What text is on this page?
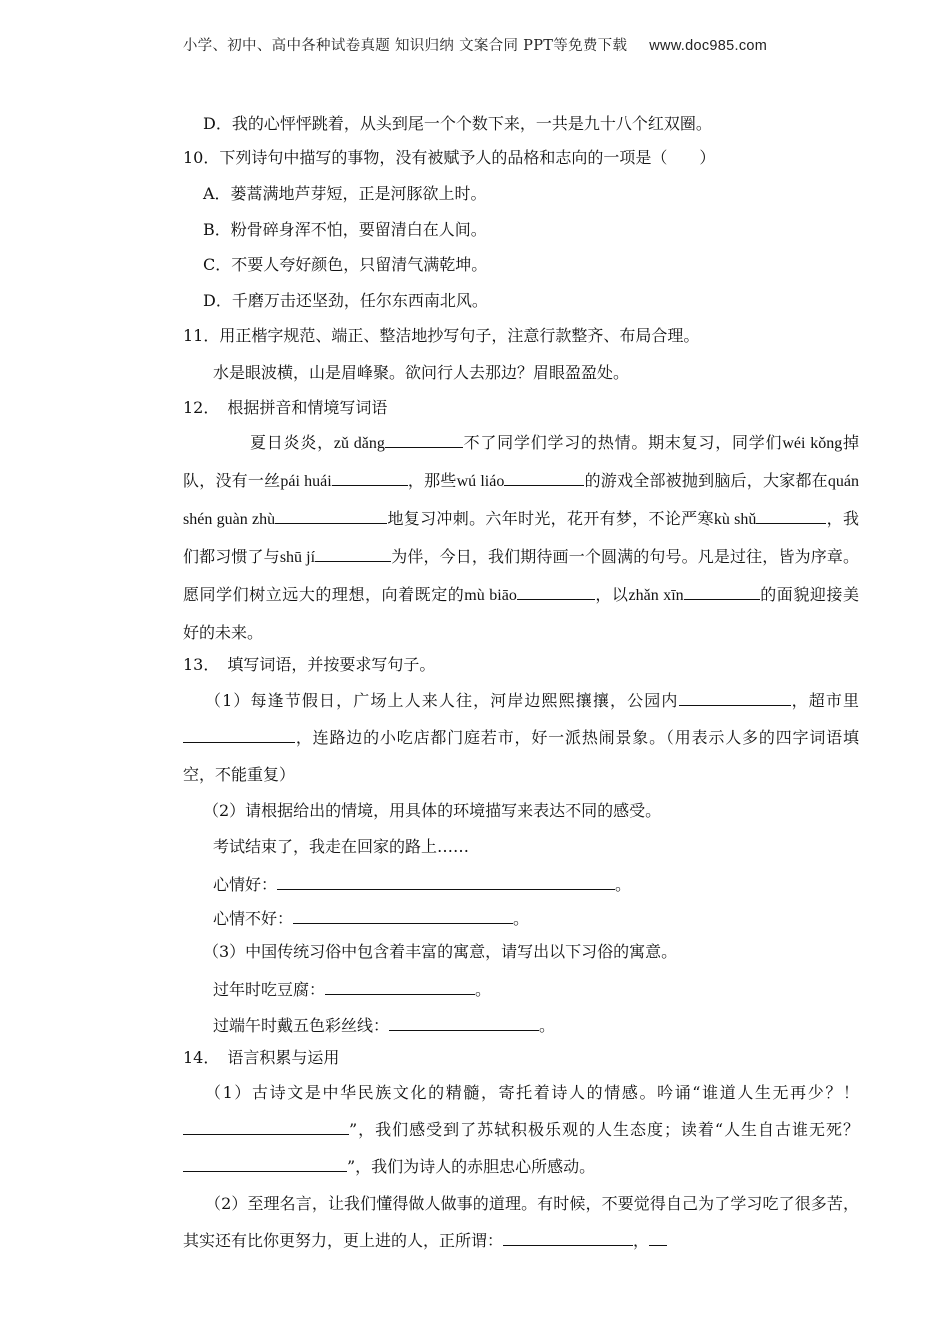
小学、初中、高中各种试卷真题 知识归纳 文案合同 PPT等免费下载 www.doc985.com
D．我的心怦怦跳着，从头到尾一个个数下来，一共是九十八个红双圈。
10．下列诗句中描写的事物，没有被赋予人的品格和志向的一项是（　　）
A．蒌蒿满地芦芽短，正是河豚欲上时。
B．粉骨碎身浑不怕，要留清白在人间。
C．不要人夸好颜色，只留清气满乾坤。
D．千磨万击还坚劲，任尔东西南北风。
11．用正楷字规范、端正、整洁地抄写句子，注意行款整齐、布局合理。
水是眼波横，山是眉峰聚。欲问行人去那边？眉眼盈盈处。
12．　根据拼音和情境写词语
夏日炎炎，zǔ dǎng	不了同学们学习的热情。期末复习，同学们wéi kǒng掉队，没有一丝pái huái	，那些wú liáo	的游戏全部被抛到脑后，大家都在quán shén guàn zhù	地复习冲刺。六年时光，花开有梦，不论严寒kù shǔ	，我们都习惯了与shū jí	为伴，今日，我们期待画一个圆满的句号。凡是过往，皆为序章。愿同学们树立远大的理想，向着既定的mù biāo	，以zhǎn xīn	的面貌迎接美好的未来。
13．　填写词语，并按要求写句子。
（1）每逢节假日，广场上人来人往，河岸边熙熙攘攘，公园内	，超市里，连路边的小吃店都门庭若市，好一派热闹景象。（用表示人多的四字词语填空，不能重复）
（2）请根据给出的情境，用具体的环境描写来表达不同的感受。
考试结束了，我走在回家的路上……
心情好：	。
心情不好：	。
（3）中国传统习俗中包含着丰富的寓意，请写出以下习俗的寓意。
过年时吃豆腐：	。
过端午时戴五色彩丝线：	。
14．　语言积累与运用
（1）古诗文是中华民族文化的精髓，寄托着诗人的情感。吟诵“谁道人生无再少？！”，我们感受到了苏轼积极乐观的人生态度；读着“人生自古谁无死？”，我们为诗人的赤胆忠心所感动。
（2）至理名言，让我们懂得做人做事的道理。有时候，不要觉得自己为了学习吃了很多苦，其实还有比你更努力，更上进的人，正所谓：	，
